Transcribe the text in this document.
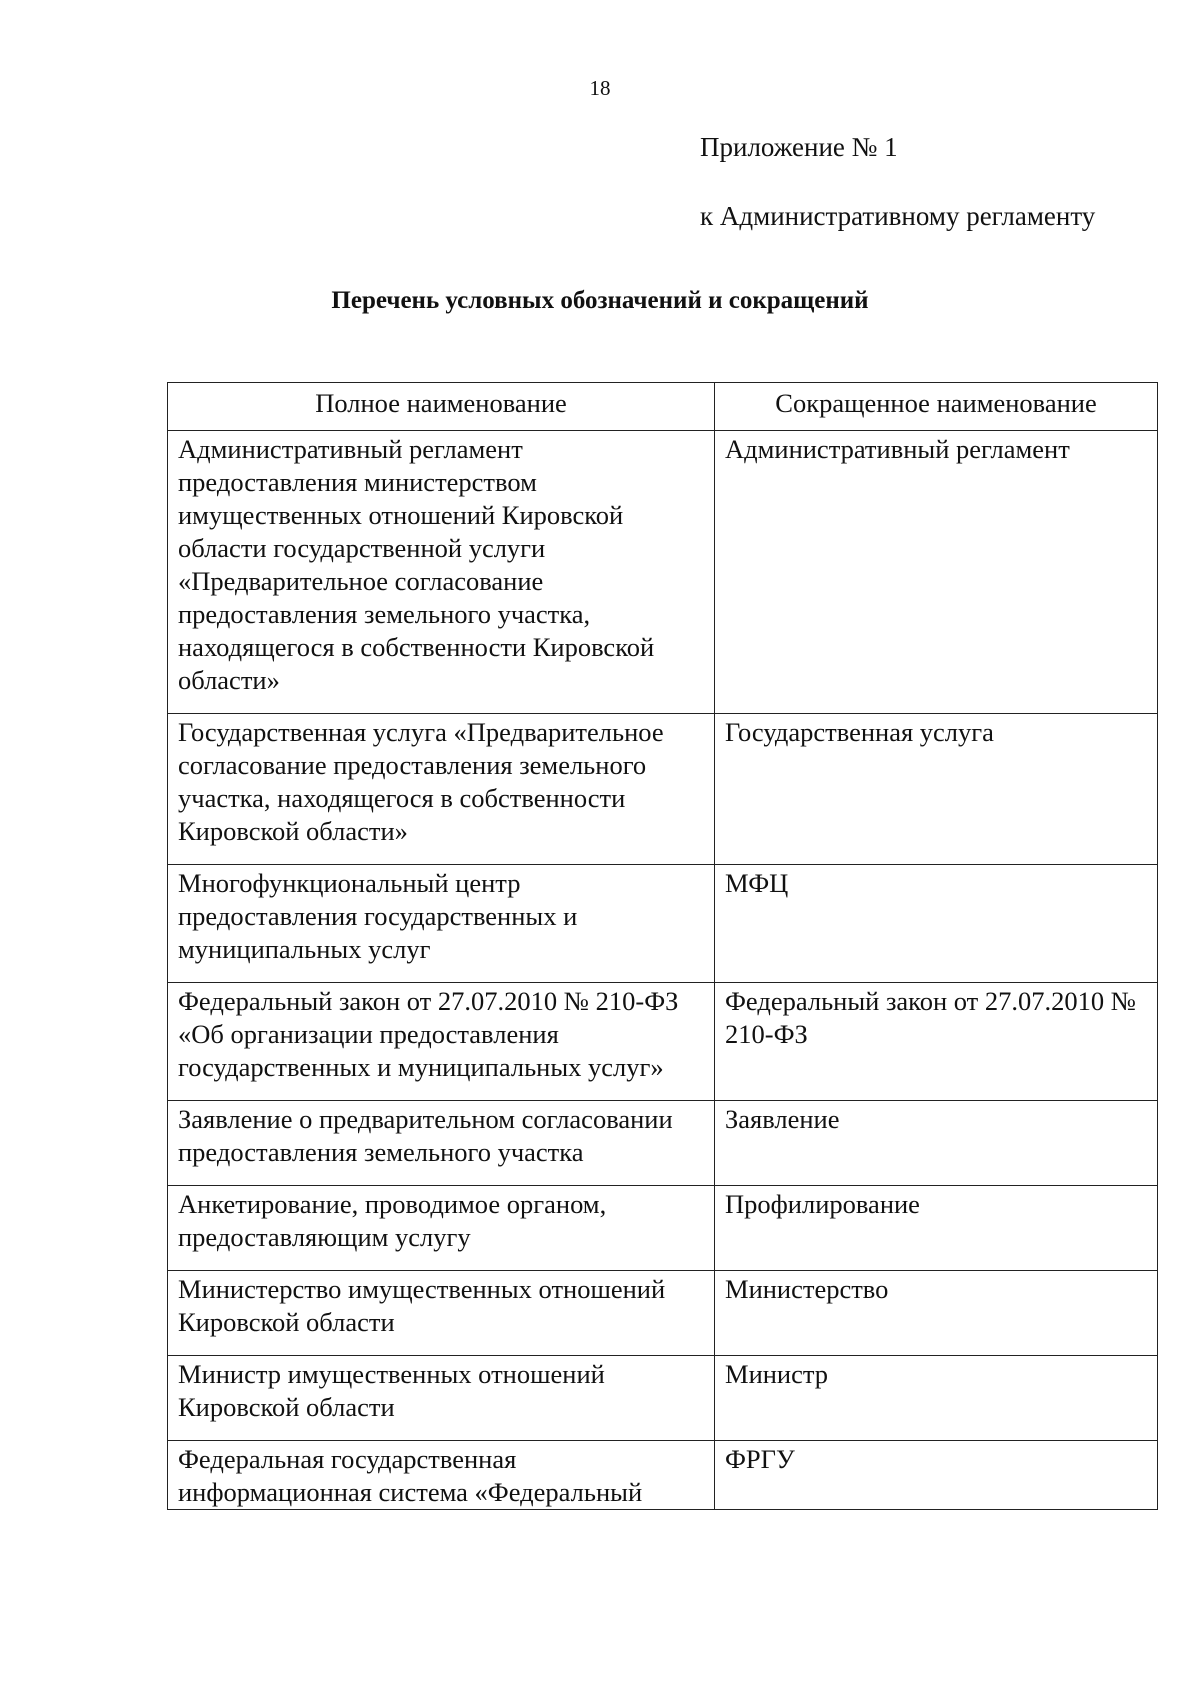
18
Приложение № 1
к Административному регламенту
Перечень условных обозначений и сокращений
Полное наименование	Сокращенное наименование

Административный регламент предоставления министерством имущественных отношений Кировской области государственной услуги «Предварительное согласование предоставления земельного участка, находящегося в собственности Кировской области»	Административный регламент

Государственная услуга «Предварительное согласование предоставления земельного участка, находящегося в собственности Кировской области»	Государственная услуга

Многофункциональный центр предоставления государственных и муниципальных услуг	МФЦ

Федеральный закон от 27.07.2010 № 210-ФЗ «Об организации предоставления государственных и муниципальных услуг»	Федеральный закон от 27.07.2010 № 210-ФЗ

Заявление о предварительном согласовании предоставления земельного участка	Заявление

Анкетирование, проводимое органом, предоставляющим услугу	Профилирование

Министерство имущественных отношений Кировской области	Министерство

Министр имущественных отношений Кировской области	Министр

Федеральная государственная информационная система «Федеральный	ФРГУ
